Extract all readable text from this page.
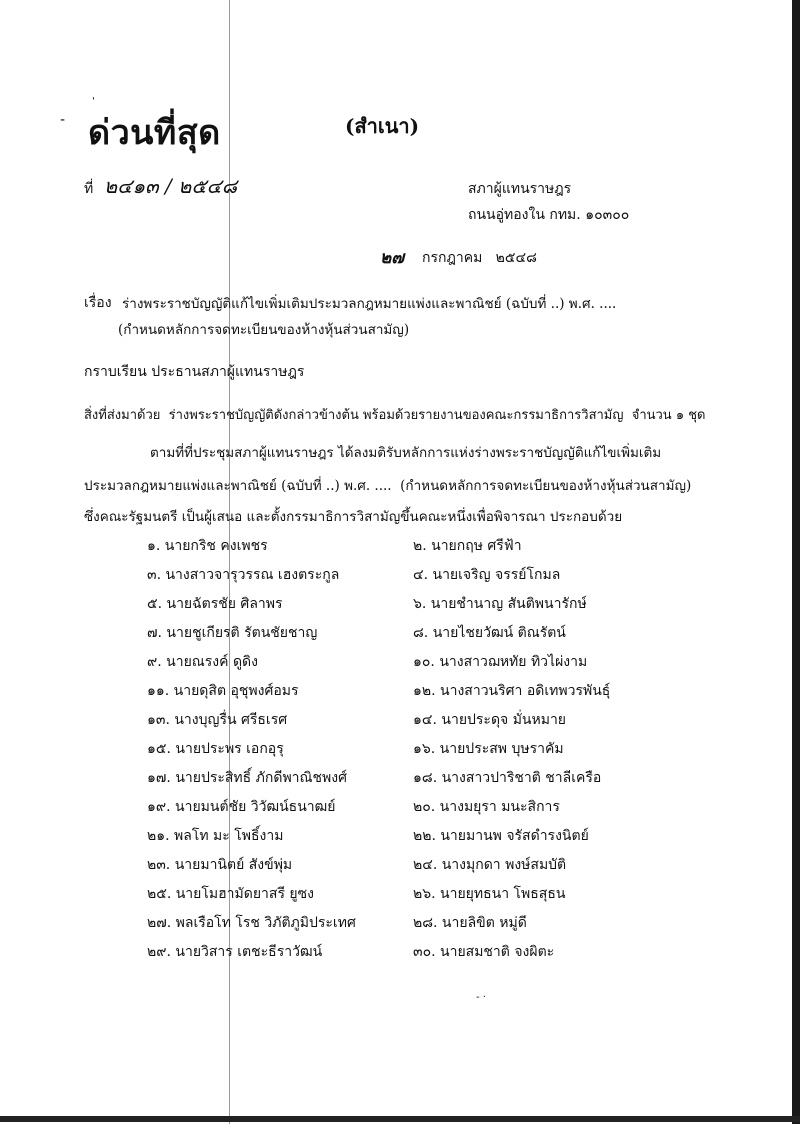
-
'
ด่วนที่สุด	(สำเนา)
ที่ ๒๔๑๓ / ๒๕๔๘	สภาผู้แทนราษฎร
ถนนอู่ทองใน กทม. ๑๐๓๐๐
๒๗ กรกฎาคม   ๒๕๔๘
เรื่อง ร่างพระราชบัญญัติแก้ไขเพิ่มเติมประมวลกฎหมายแพ่งและพาณิชย์ (ฉบับที่ ..) พ.ศ. ....
(กำหนดหลักการจดทะเบียนของห้างหุ้นส่วนสามัญ)
กราบเรียน ประธานสภาผู้แทนราษฎร
สิ่งที่ส่งมาด้วย  ร่างพระราชบัญญัติดังกล่าวข้างต้น พร้อมด้วยรายงานของคณะกรรมาธิการวิสามัญ  จำนวน ๑ ชุด
ตามที่ที่ประชุมสภาผู้แทนราษฎร ได้ลงมติรับหลักการแห่งร่างพระราชบัญญัติแก้ไขเพิ่มเติม
ประมวลกฎหมายแพ่งและพาณิชย์ (ฉบับที่ ..) พ.ศ. ....  (กำหนดหลักการจดทะเบียนของห้างหุ้นส่วนสามัญ)
ซึ่งคณะรัฐมนตรี เป็นผู้เสนอ และตั้งกรรมาธิการวิสามัญขึ้นคณะหนึ่งเพื่อพิจารณา ประกอบด้วย
๑. นายกริช คงเพชร
๓. นางสาวจารุวรรณ เฮงตระกูล
๕. นายฉัตรชัย ศิลาพร
๗. นายชูเกียรติ รัตนชัยชาญ
๙. นายณรงค์ ดูดิง
๑๑. นายดุสิต อุชุพงศ์อมร
๑๓. นางบุญรื่น ศรีธเรศ
๑๕. นายประพร เอกอุรุ
๑๗. นายประสิทธิ์ ภักดีพาณิชพงศ์
๑๙. นายมนต์ชัย วิวัฒน์ธนาฒย์
๒๑. พลโท มะ โพธิ์งาม
๒๓. นายมานิตย์ สังข์พุ่ม
๒๕. นายโมฮามัดยาสรี ยูซง
๒๗. พลเรือโท โรช วิภัติภูมิประเทศ
๒๙. นายวิสาร เตชะธีราวัฒน์
๒. นายกฤษ ศรีฟ้า
๔. นายเจริญ จรรย์โกมล
๖. นายชำนาญ สันติพนารักษ์
๘. นายไชยวัฒน์ ติณรัตน์
๑๐. นางสาวฌหทัย ทิวไผ่งาม
๑๒. นางสาวนริศา อดิเทพวรพันธุ์
๑๔. นายประดุจ มั่นหมาย
๑๖. นายประสพ บุษราคัม
๑๘. นางสาวปาริชาติ ชาลีเครือ
๒๐. นางมยุรา มนะสิการ
๒๒. นายมานพ จรัสดำรงนิตย์
๒๔. นางมุกดา พงษ์สมบัติ
๒๖. นายยุทธนา โพธสุธน
๒๘. นายลิขิต หมู่ดี
๓๐. นายสมชาติ จงผิตะ
- ·
